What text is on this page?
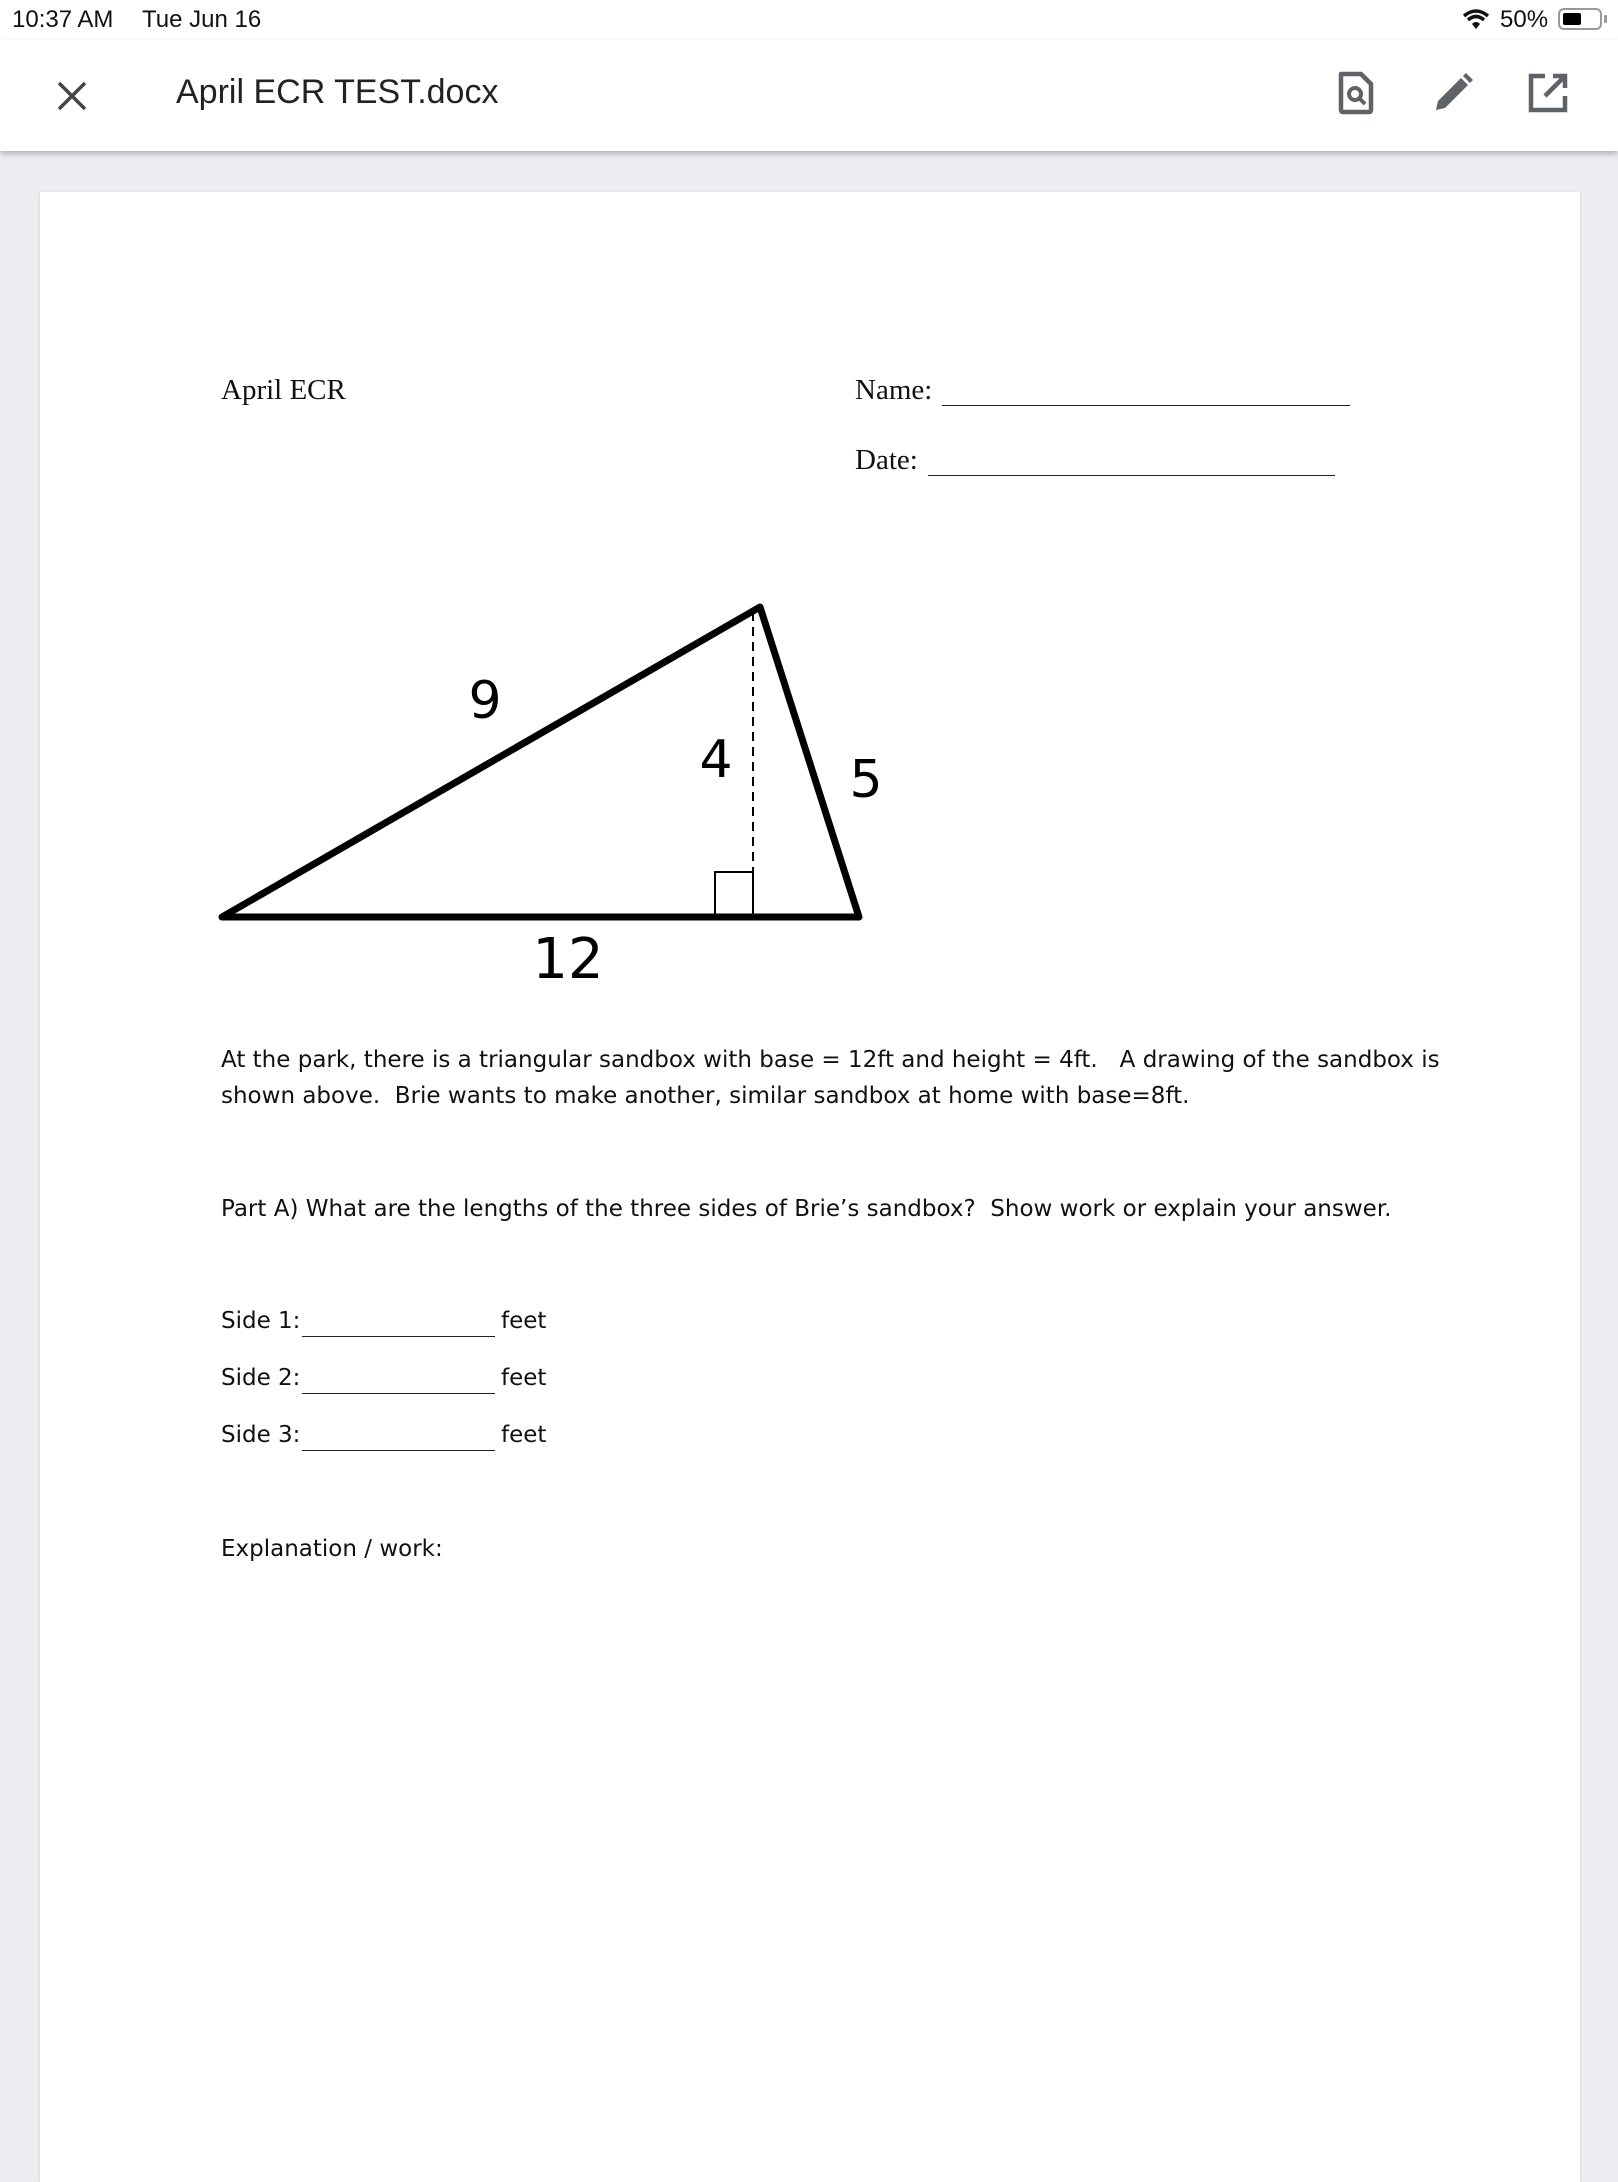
10:37 AM Tue Jun 16	50%
April ECR TEST.docx
April ECR	Name:
Date:
9
4 5
12
At the park, there is a triangular sandbox with base = 12ft and height = 4ft.   A drawing of the sandbox is
shown above.  Brie wants to make another, similar sandbox at home with base=8ft.
Part A) What are the lengths of the three sides of Brie’s sandbox?  Show work or explain your answer.
Side 1:	feet
Side 2:	feet
Side 3:	feet
Explanation / work:
